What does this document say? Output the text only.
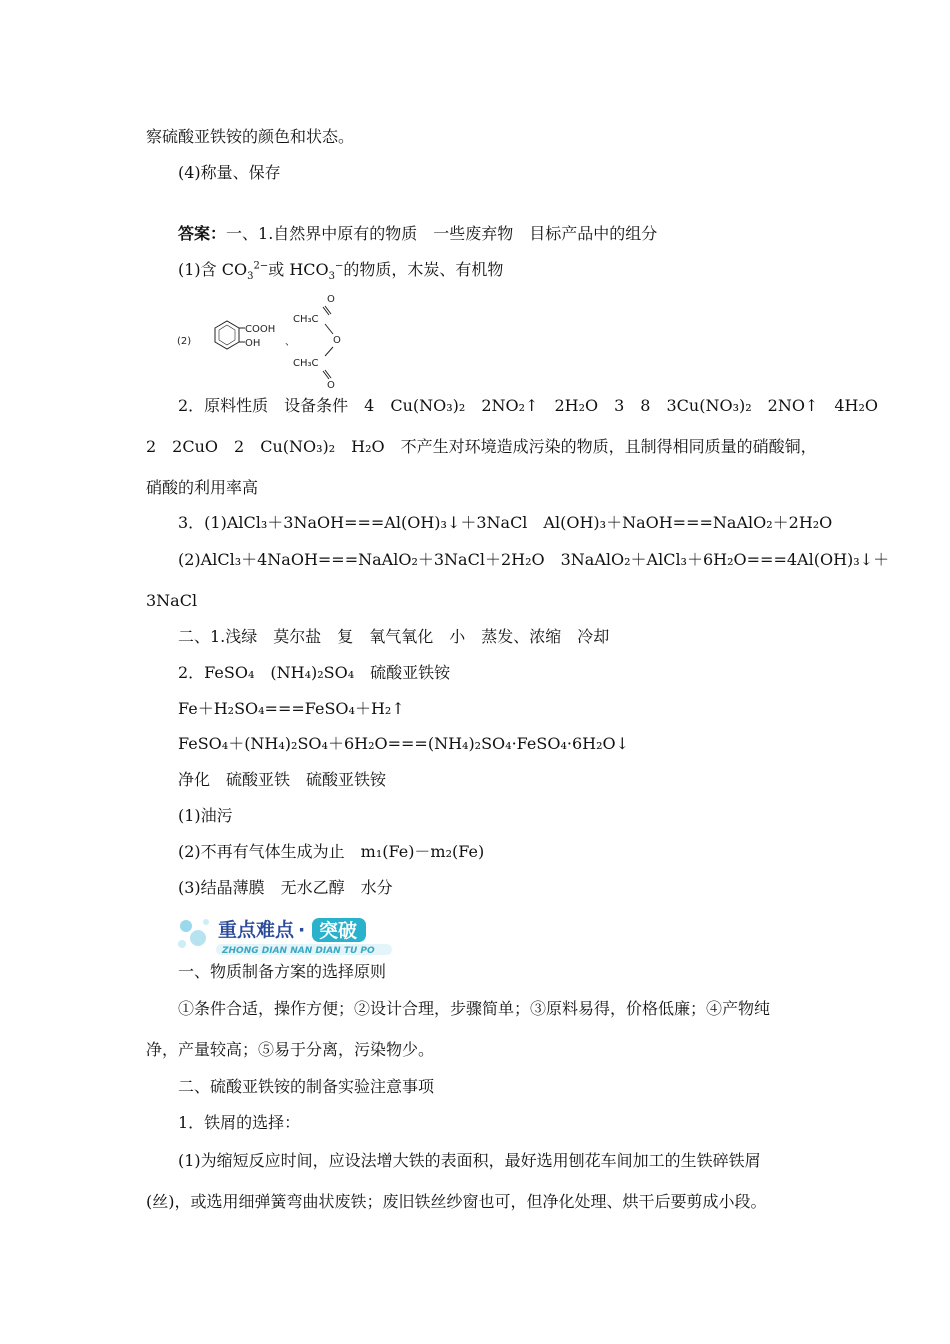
察硫酸亚铁铵的颜色和状态。
(4)称量、保存
答案：一、1.自然界中原有的物质　一些废弃物　目标产品中的组分
(1)含 $CO_3^{2-}$或 $HCO_3^-$的物质，木炭、有机物
(2)
COOH
OH 、
O
CH₃C
O
CH₃C
O
2．原料性质　设备条件　4　Cu(NO₃)₂　2NO₂↑　2H₂O　3　8　3Cu(NO₃)₂　2NO↑　4H₂O
2　2CuO　2　Cu(NO₃)₂　H₂O　不产生对环境造成污染的物质，且制得相同质量的硝酸铜，
硝酸的利用率高
3．(1)AlCl₃＋3NaOH===Al(OH)₃↓＋3NaCl　Al(OH)₃＋NaOH===NaAlO₂＋2H₂O
(2)AlCl₃＋4NaOH===NaAlO₂＋3NaCl＋2H₂O　3NaAlO₂＋AlCl₃＋6H₂O===4Al(OH)₃↓＋
3NaCl
二、1.浅绿　莫尔盐　复　氧气氧化　小　蒸发、浓缩　冷却
2．FeSO₄　(NH₄)₂SO₄　硫酸亚铁铵
Fe＋H₂SO₄===FeSO₄＋H₂↑
FeSO₄＋(NH₄)₂SO₄＋6H₂O===(NH₄)₂SO₄·FeSO₄·6H₂O↓
净化　硫酸亚铁　硫酸亚铁铵
(1)油污
(2)不再有气体生成为止　m₁(Fe)－m₂(Fe)
(3)结晶薄膜　无水乙醇　水分
重点难点 · 突破
ZHONG DIAN NAN DIAN TU PO
一、物质制备方案的选择原则
①条件合适，操作方便；②设计合理，步骤简单；③原料易得，价格低廉；④产物纯
净，产量较高；⑤易于分离，污染物少。
二、硫酸亚铁铵的制备实验注意事项
1．铁屑的选择：
(1)为缩短反应时间，应设法增大铁的表面积，最好选用刨花车间加工的生铁碎铁屑
(丝)，或选用细弹簧弯曲状废铁；废旧铁丝纱窗也可，但净化处理、烘干后要剪成小段。
